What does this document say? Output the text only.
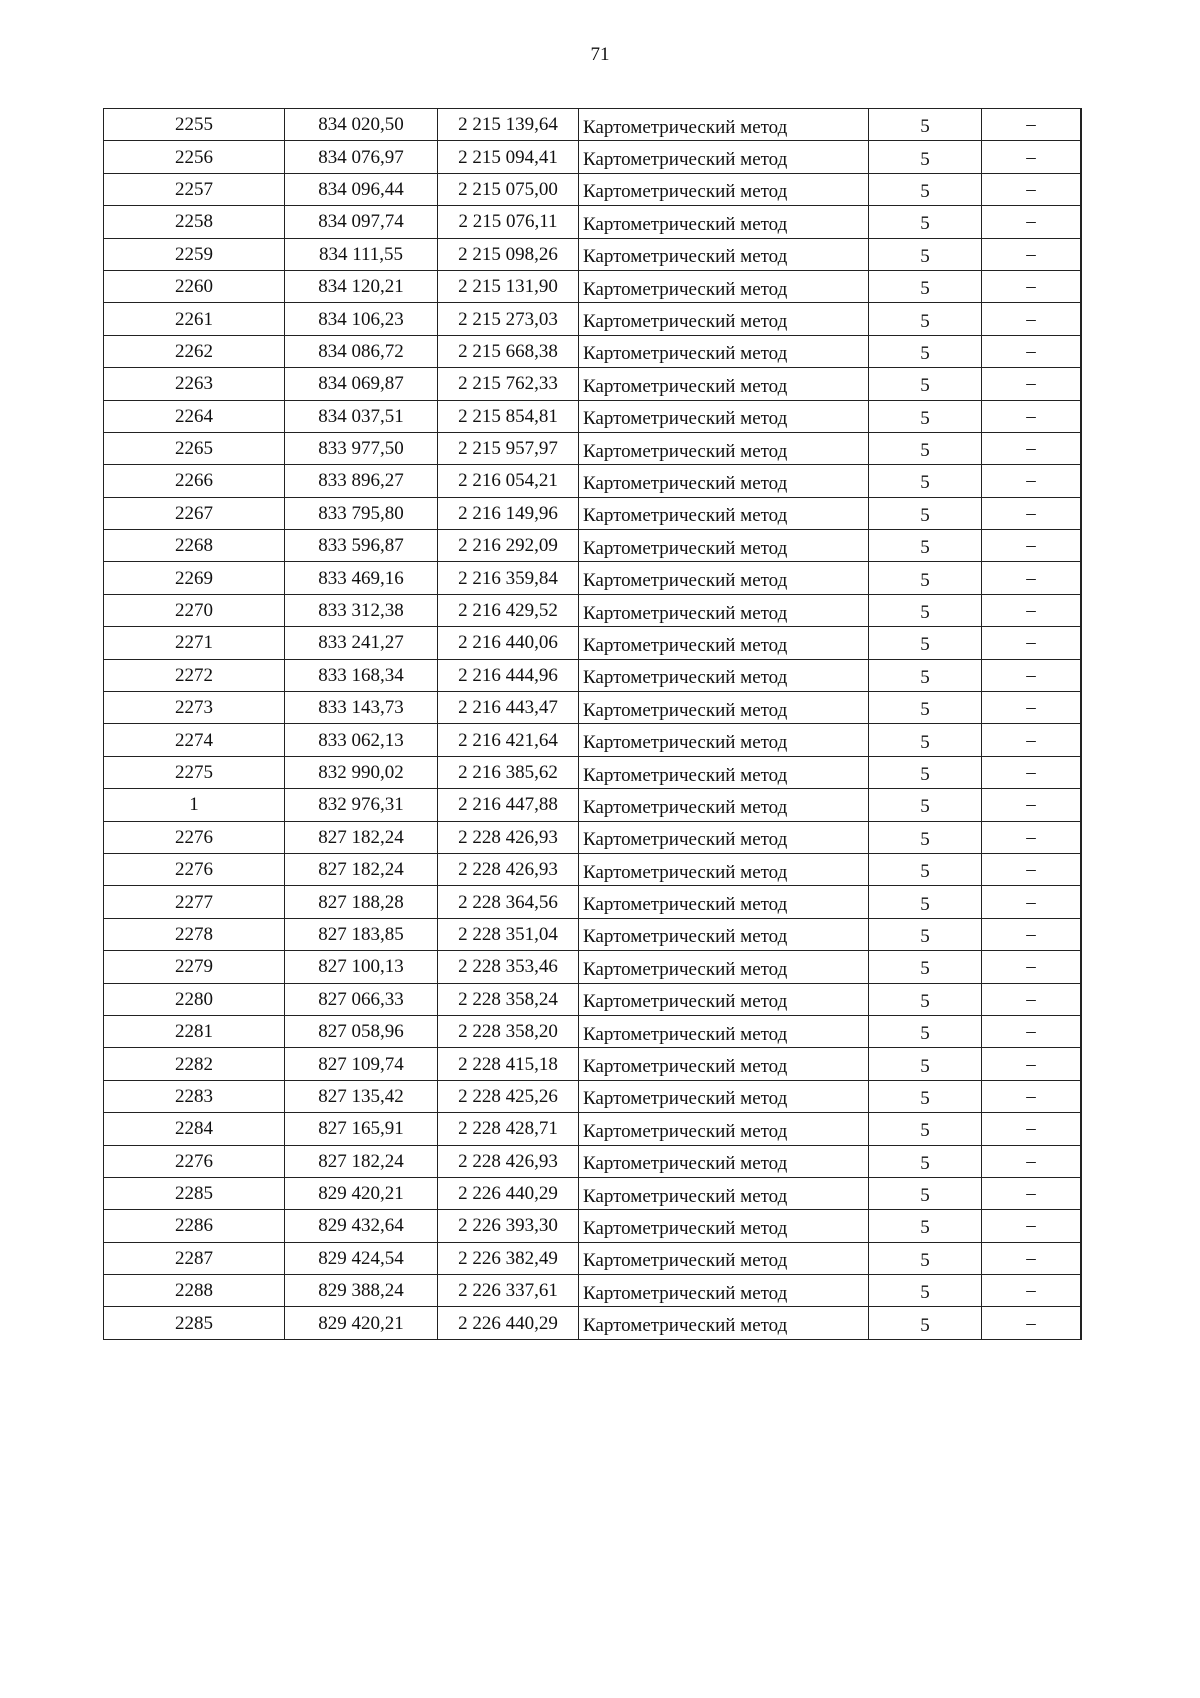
71
2255	834 020,50	2 215 139,64	Картометрический метод	5	–
2256	834 076,97	2 215 094,41	Картометрический метод	5	–
2257	834 096,44	2 215 075,00	Картометрический метод	5	–
2258	834 097,74	2 215 076,11	Картометрический метод	5	–
2259	834 111,55	2 215 098,26	Картометрический метод	5	–
2260	834 120,21	2 215 131,90	Картометрический метод	5	–
2261	834 106,23	2 215 273,03	Картометрический метод	5	–
2262	834 086,72	2 215 668,38	Картометрический метод	5	–
2263	834 069,87	2 215 762,33	Картометрический метод	5	–
2264	834 037,51	2 215 854,81	Картометрический метод	5	–
2265	833 977,50	2 215 957,97	Картометрический метод	5	–
2266	833 896,27	2 216 054,21	Картометрический метод	5	–
2267	833 795,80	2 216 149,96	Картометрический метод	5	–
2268	833 596,87	2 216 292,09	Картометрический метод	5	–
2269	833 469,16	2 216 359,84	Картометрический метод	5	–
2270	833 312,38	2 216 429,52	Картометрический метод	5	–
2271	833 241,27	2 216 440,06	Картометрический метод	5	–
2272	833 168,34	2 216 444,96	Картометрический метод	5	–
2273	833 143,73	2 216 443,47	Картометрический метод	5	–
2274	833 062,13	2 216 421,64	Картометрический метод	5	–
2275	832 990,02	2 216 385,62	Картометрический метод	5	–
1	832 976,31	2 216 447,88	Картометрический метод	5	–
2276	827 182,24	2 228 426,93	Картометрический метод	5	–
2276	827 182,24	2 228 426,93	Картометрический метод	5	–
2277	827 188,28	2 228 364,56	Картометрический метод	5	–
2278	827 183,85	2 228 351,04	Картометрический метод	5	–
2279	827 100,13	2 228 353,46	Картометрический метод	5	–
2280	827 066,33	2 228 358,24	Картометрический метод	5	–
2281	827 058,96	2 228 358,20	Картометрический метод	5	–
2282	827 109,74	2 228 415,18	Картометрический метод	5	–
2283	827 135,42	2 228 425,26	Картометрический метод	5	–
2284	827 165,91	2 228 428,71	Картометрический метод	5	–
2276	827 182,24	2 228 426,93	Картометрический метод	5	–
2285	829 420,21	2 226 440,29	Картометрический метод	5	–
2286	829 432,64	2 226 393,30	Картометрический метод	5	–
2287	829 424,54	2 226 382,49	Картометрический метод	5	–
2288	829 388,24	2 226 337,61	Картометрический метод	5	–
2285	829 420,21	2 226 440,29	Картометрический метод	5	–
